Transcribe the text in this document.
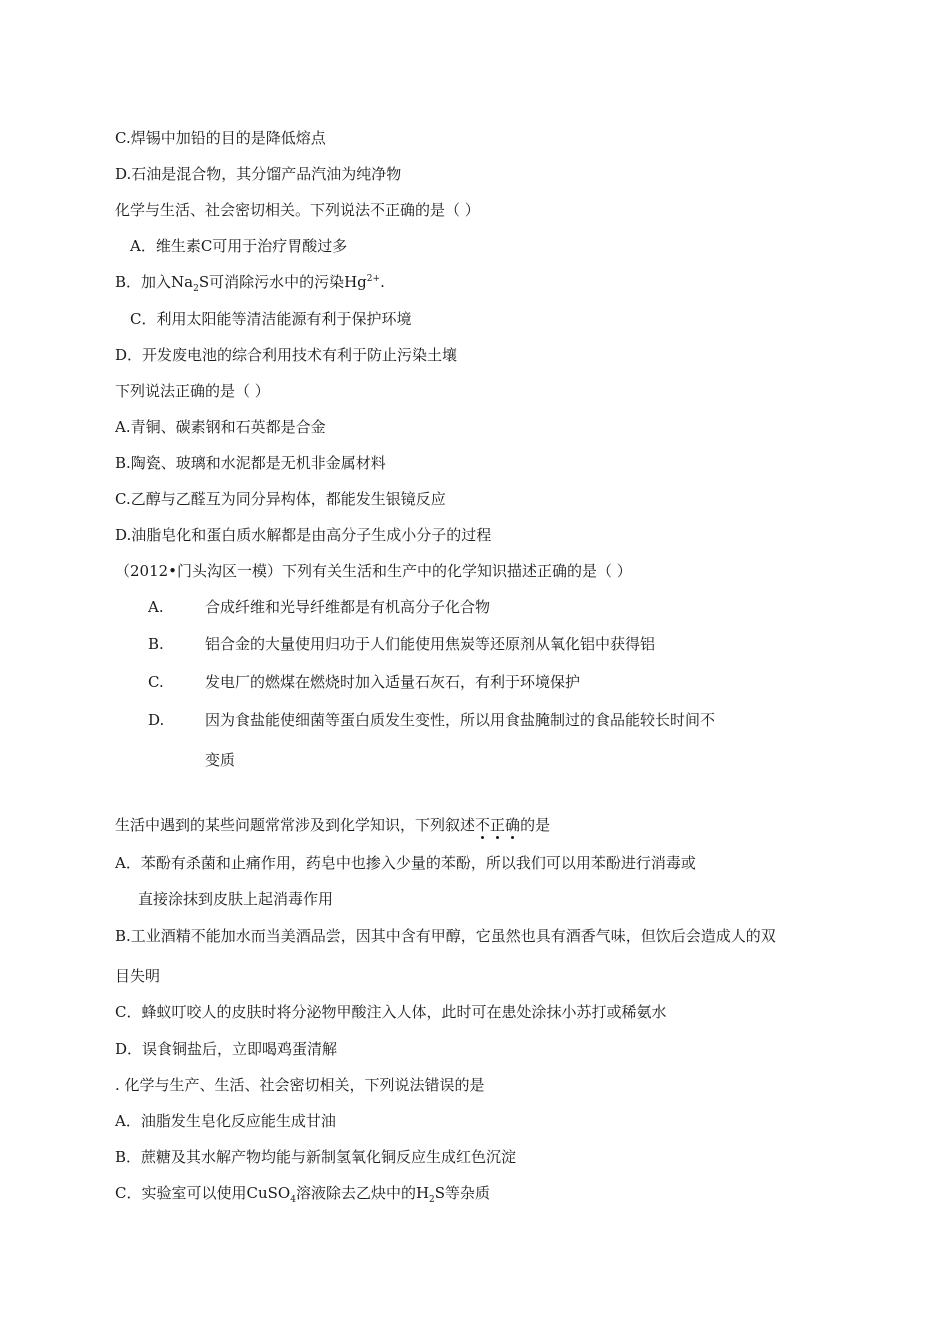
C.焊锡中加铅的目的是降低熔点
D.石油是混合物，其分馏产品汽油为纯净物
化学与生活、社会密切相关。下列说法不正确的是（ ）
A．维生素C可用于治疗胃酸过多
B．加入$Na_2S$可消除污水中的污染$Hg^{2+}$.
C．利用太阳能等清洁能源有利于保护环境
D．开发废电池的综合利用技术有利于防止污染土壤
下列说法正确的是（ ）
A.青铜、碳素钢和石英都是合金
B.陶瓷、玻璃和水泥都是无机非金属材料
C.乙醇与乙醛互为同分异构体，都能发生银镜反应
D.油脂皂化和蛋白质水解都是由高分子生成小分子的过程
（2012•门头沟区一模）下列有关生活和生产中的化学知识描述正确的是（ ）
A.	合成纤维和光导纤维都是有机高分子化合物
B.	铝合金的大量使用归功于人们能使用焦炭等还原剂从氧化铝中获得铝
C.	发电厂的燃煤在燃烧时加入适量石灰石，有利于环境保护
D.	因为食盐能使细菌等蛋白质发生变性，所以用食盐腌制过的食品能较长时间不
变质
生活中遇到的某些问题常常涉及到化学知识，下列叙述不正确的是
A．苯酚有杀菌和止痛作用，药皂中也掺入少量的苯酚，所以我们可以用苯酚进行消毒或
直接涂抹到皮肤上起消毒作用
B.工业酒精不能加水而当美酒品尝，因其中含有甲醇，它虽然也具有酒香气味，但饮后会造成人的双
目失明
C．蜂蚁叮咬人的皮肤时将分泌物甲酸注入人体，此时可在患处涂抹小苏打或稀氨水
D．误食铜盐后，立即喝鸡蛋清解
. 化学与生产、生活、社会密切相关，下列说法错误的是
A．油脂发生皂化反应能生成甘油
B．蔗糖及其水解产物均能与新制氢氧化铜反应生成红色沉淀
C．实验室可以使用CuSO$_4$溶液除去乙炔中的$H_2S$等杂质
